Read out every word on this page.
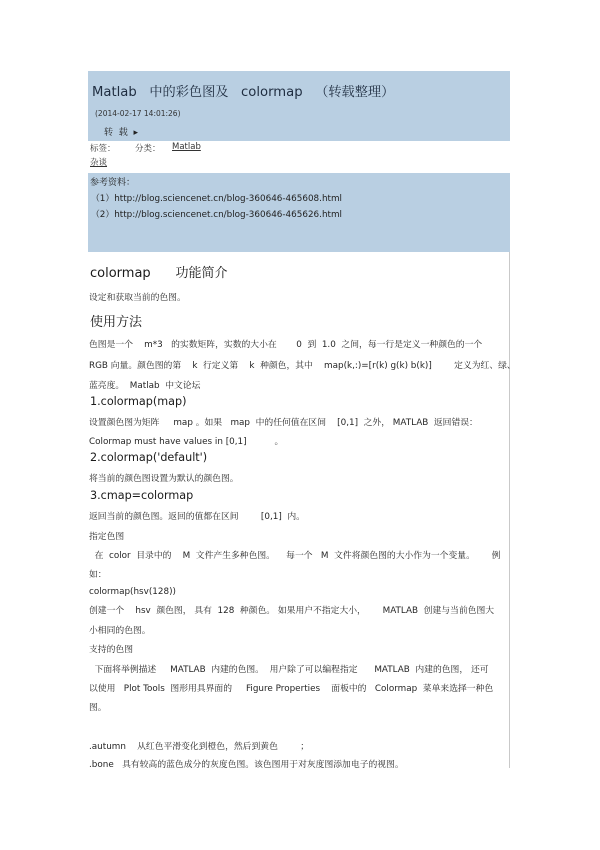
Matlab   中的彩色图及   colormap   （转载整理）
(2014-02-17 14:01:26)
转  载  ▸
标签： 分类： Matlab
杂谈
参考资料：
（1）http://blog.sciencenet.cn/blog-360646-465608.html
（2）http://blog.sciencenet.cn/blog-360646-465626.html
colormap      功能简介
设定和获取当前的色图。
使用方法
色图是一个    m*3   的实数矩阵，实数的大小在       0  到  1.0  之间，每一行是定义一种颜色的一个
RGB 向量。颜色图的第    k  行定义第    k  种颜色，其中    map(k,:)=[r(k) g(k) b(k)]        定义为红、绿、
蓝亮度。  Matlab  中文论坛
1.colormap(map)
设置颜色图为矩阵     map 。如果   map  中的任何值在区间    [0,1]  之外， MATLAB  返回错误：
Colormap must have values in [0,1]          。
2.colormap('default')
将当前的颜色图设置为默认的颜色图。
3.cmap=colormap
返回当前的颜色图。返回的值都在区间        [0,1]  内。
指定色图
在  color  目录中的    M  文件产生多种色图。    每一个   M  文件将颜色图的大小作为一个变量。      例
如：
colormap(hsv(128))
创建一个    hsv  颜色图， 具有  128  种颜色。 如果用户不指定大小，      MATLAB  创建与当前色图大
小相同的色图。
支持的色图
下面将举例描述     MATLAB  内建的色图。  用户除了可以编程指定      MATLAB  内建的色图， 还可
以使用   Plot Tools  图形用具界面的     Figure Properties    面板中的   Colormap  菜单来选择一种色
图。
.autumn    从红色平滑变化到橙色，然后到黄色        ；
.bone   具有较高的蓝色成分的灰度色图。该色图用于对灰度图添加电子的视图。
